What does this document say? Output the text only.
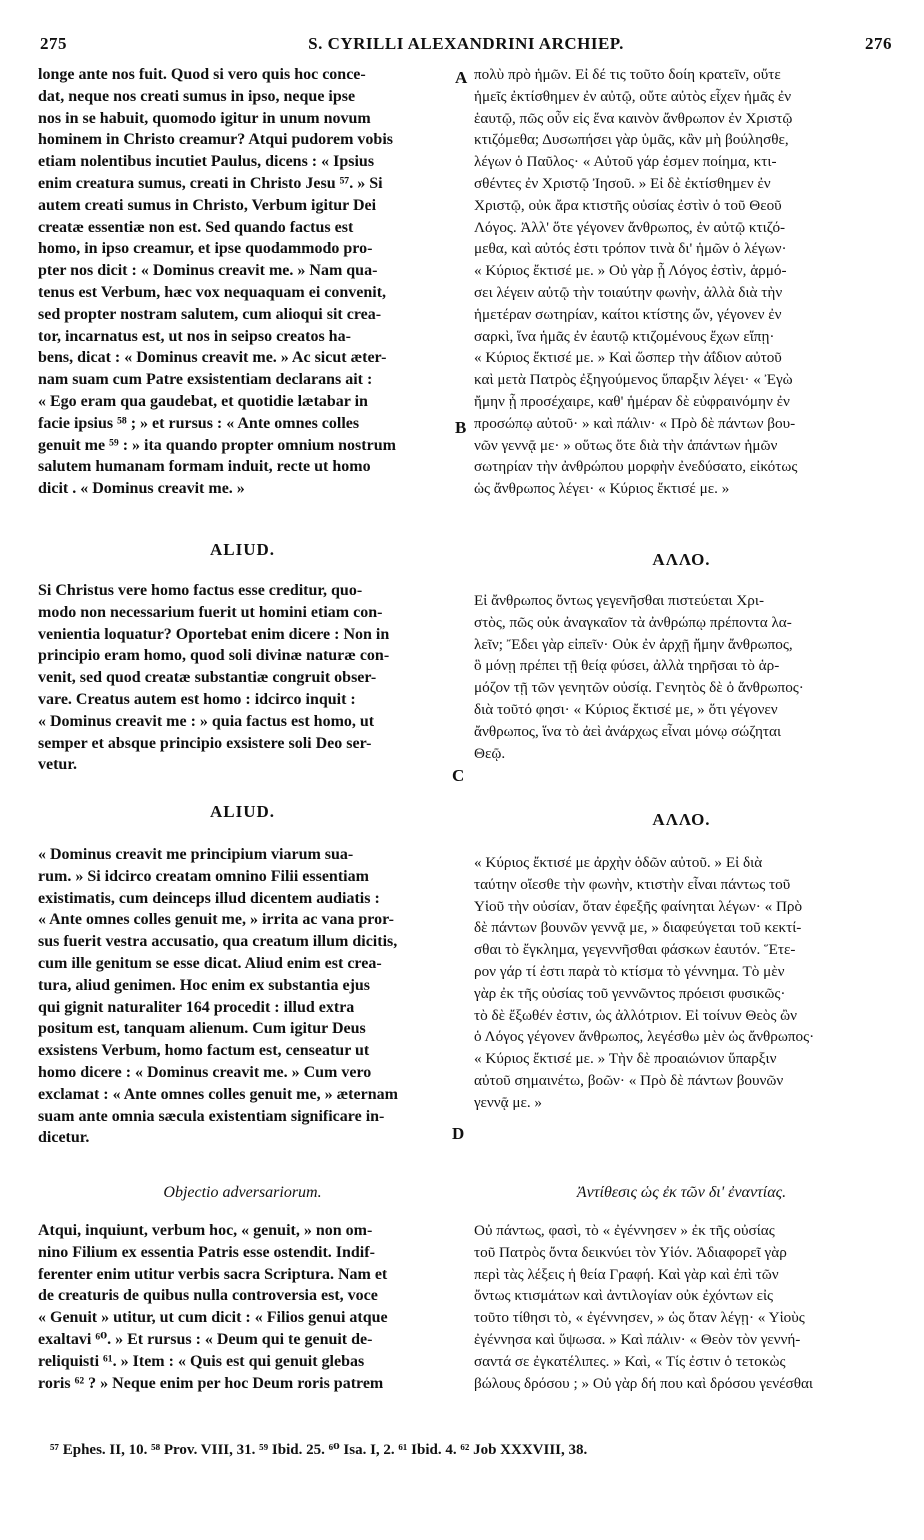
275	S. CYRILLI ALEXANDRINI ARCHIEP.	276

longe ante nos fuit. Quod si vero quis hoc conce-
dat, neque nos creati sumus in ipso, neque ipse
nos in se habuit, quomodo igitur in unum novum
hominem in Christo creamur? Atqui pudorem vobis
etiam nolentibus incutiet Paulus, dicens : « Ipsius
enim creatura sumus, creati in Christo Jesu ⁵⁷. » Si
autem creati sumus in Christo, Verbum igitur Dei
creatæ essentiæ non est. Sed quando factus est
homo, in ipso creamur, et ipse quodammodo pro-
pter nos dicit : « Dominus creavit me. » Nam qua-
tenus est Verbum, hæc vox nequaquam ei convenit,
sed propter nostram salutem, cum alioqui sit crea-
tor, incarnatus est, ut nos in seipso creatos ha-
bens, dicat : « Dominus creavit me. » Ac sicut æter-
nam suam cum Patre exsistentiam declarans ait :
« Ego eram qua gaudebat, et quotidie lætabar in
facie ipsius ⁵⁸ ; » et rursus : « Ante omnes colles
genuit me ⁵⁹ : » ita quando propter omnium nostrum
salutem humanam formam induit, recte ut homo
dicit . « Dominus creavit me. »

ALIUD.

Si Christus vere homo factus esse creditur, quo-
modo non necessarium fuerit ut homini etiam con-
venientia loquatur? Oportebat enim dicere : Non in
principio eram homo, quod soli divinæ naturæ con-
venit, sed quod creatæ substantiæ congruit obser-
vare. Creatus autem est homo : idcirco inquit :
« Dominus creavit me : » quia factus est homo, ut
semper et absque principio exsistere soli Deo ser-
vetur.

ALIUD.

« Dominus creavit me principium viarum sua-
rum. » Si idcirco creatam omnino Filii essentiam
existimatis, cum deinceps illud dicentem audiatis :
« Ante omnes colles genuit me, » irrita ac vana pror-
sus fuerit vestra accusatio, qua creatum illum dicitis,
cum ille genitum se esse dicat. Aliud enim est crea-
tura, aliud genimen. Hoc enim ex substantia ejus
qui gignit naturaliter 164 procedit : illud extra
positum est, tanquam alienum. Cum igitur Deus
exsistens Verbum, homo factum est, censeatur ut
homo dicere : « Dominus creavit me. » Cum vero
exclamat : « Ante omnes colles genuit me, » æternam
suam ante omnia sæcula existentiam significare in-
dicetur.

Objectio adversariorum.

Atqui, inquiunt, verbum hoc, « genuit, » non om-
nino Filium ex essentia Patris esse ostendit. Indif-
ferenter enim utitur verbis sacra Scriptura. Nam et
de creaturis de quibus nulla controversia est, voce
« Genuit » utitur, ut cum dicit : « Filios genui atque
exaltavi ⁶⁰. » Et rursus : « Deum qui te genuit de-
reliquisti ⁶¹. » Item : « Quis est qui genuit glebas
roris ⁶² ? » Neque enim per hoc Deum roris patrem

A
B
C
D

πολὺ πρὸ ἡμῶν. Εἰ δέ τις τοῦτο δοίη κρατεῖν, οὔτε
ἡμεῖς ἐκτίσθημεν ἐν αὐτῷ, οὔτε αὐτὸς εἶχεν ἡμᾶς ἐν
ἑαυτῷ, πῶς οὖν εἰς ἕνα καινὸν ἄνθρωπον ἐν Χριστῷ
κτιζόμεθα; Δυσωπήσει γὰρ ὑμᾶς, κἂν μὴ βούλησθε,
λέγων ὁ Παῦλος· « Αὐτοῦ γάρ ἐσμεν ποίημα, κτι-
σθέντες ἐν Χριστῷ Ἰησοῦ. » Εἰ δὲ ἐκτίσθημεν ἐν
Χριστῷ, οὐκ ἄρα κτιστῆς οὐσίας ἐστὶν ὁ τοῦ Θεοῦ
Λόγος. Ἀλλ' ὅτε γέγονεν ἄνθρωπος, ἐν αὐτῷ κτιζό-
μεθα, καὶ αὐτός ἐστι τρόπον τινὰ δι' ἡμῶν ὁ λέγων·
« Κύριος ἔκτισέ με. » Οὐ γὰρ ᾗ Λόγος ἐστὶν, ἁρμό-
σει λέγειν αὐτῷ τὴν τοιαύτην φωνὴν, ἀλλὰ διὰ τὴν
ἡμετέραν σωτηρίαν, καίτοι κτίστης ὤν, γέγονεν ἐν
σαρκὶ, ἵνα ἡμᾶς ἐν ἑαυτῷ κτιζομένους ἔχων εἴπῃ·
« Κύριος ἔκτισέ με. » Καὶ ὥσπερ τὴν ἀΐδιον αὐτοῦ
καὶ μετὰ Πατρὸς ἐξηγούμενος ὕπαρξιν λέγει· « Ἐγὼ
ἤμην ᾗ προσέχαιρε, καθ' ἡμέραν δὲ εὐφραινόμην ἐν
προσώπῳ αὐτοῦ· » καὶ πάλιν· « Πρὸ δὲ πάντων βου-
νῶν γεννᾷ με· » οὕτως ὅτε διὰ τὴν ἁπάντων ἡμῶν
σωτηρίαν τὴν ἀνθρώπου μορφὴν ἐνεδύσατο, εἰκότως
ὡς ἄνθρωπος λέγει· « Κύριος ἔκτισέ με. »

ΑΛΛΟ.

Εἰ ἄνθρωπος ὄντως γεγενῆσθαι πιστεύεται Χρι-
στὸς, πῶς οὐκ ἀναγκαῖον τὰ ἀνθρώπῳ πρέποντα λα-
λεῖν; Ἔδει γὰρ εἰπεῖν· Οὐκ ἐν ἀρχῇ ἤμην ἄνθρωπος,
ὃ μόνῃ πρέπει τῇ θείᾳ φύσει, ἀλλὰ τηρῆσαι τὸ ἁρ-
μόζον τῇ τῶν γενητῶν οὐσίᾳ. Γενητὸς δὲ ὁ ἄνθρωπος·
διὰ τοῦτό φησι· « Κύριος ἔκτισέ με, » ὅτι γέγονεν
ἄνθρωπος, ἵνα τὸ ἀεὶ ἀνάρχως εἶναι μόνῳ σώζηται
Θεῷ.

ΑΛΛΟ.

« Κύριος ἔκτισέ με ἀρχὴν ὁδῶν αὐτοῦ. » Εἰ διὰ
ταύτην οἴεσθε τὴν φωνὴν, κτιστὴν εἶναι πάντως τοῦ
Υἱοῦ τὴν οὐσίαν, ὅταν ἐφεξῆς φαίνηται λέγων· « Πρὸ
δὲ πάντων βουνῶν γεννᾷ με, » διαφεύγεται τοῦ κεκτί-
σθαι τὸ ἔγκλημα, γεγεννῆσθαι φάσκων ἑαυτόν. Ἕτε-
ρον γάρ τί ἐστι παρὰ τὸ κτίσμα τὸ γέννημα. Τὸ μὲν
γὰρ ἐκ τῆς οὐσίας τοῦ γεννῶντος πρόεισι φυσικῶς·
τὸ δὲ ἔξωθέν ἐστιν, ὡς ἀλλότριον. Εἰ τοίνυν Θεὸς ὢν
ὁ Λόγος γέγονεν ἄνθρωπος, λεγέσθω μὲν ὡς ἄνθρωπος·
« Κύριος ἔκτισέ με. » Τὴν δὲ προαιώνιον ὕπαρξιν
αὐτοῦ σημαινέτω, βοῶν· « Πρὸ δὲ πάντων βουνῶν
γεννᾷ με. »

Ἀντίθεσις ὡς ἐκ τῶν δι' ἐναντίας.

Οὐ πάντως, φασὶ, τὸ « ἐγέννησεν » ἐκ τῆς οὐσίας
τοῦ Πατρὸς ὄντα δεικνύει τὸν Υἱόν. Ἀδιαφορεῖ γὰρ
περὶ τὰς λέξεις ἡ θεία Γραφή. Καὶ γὰρ καὶ ἐπὶ τῶν
ὄντως κτισμάτων καὶ ἀντιλογίαν οὐκ ἐχόντων εἰς
τοῦτο τίθησι τὸ, « ἐγέννησεν, » ὡς ὅταν λέγῃ· « Υἱοὺς
ἐγέννησα καὶ ὕψωσα. » Καὶ πάλιν· « Θεὸν τὸν γεννή-
σαντά σε ἐγκατέλιπες. » Καὶ, « Τίς ἐστιν ὁ τετοκὼς
βώλους δρόσου ; » Οὐ γὰρ δή που καὶ δρόσου γενέσθαι

⁵⁷ Ephes. II, 10. ⁵⁸ Prov. VIII, 31. ⁵⁹ Ibid. 25. ⁶⁰ Isa. I, 2. ⁶¹ Ibid. 4. ⁶² Job XXXVIII, 38.
